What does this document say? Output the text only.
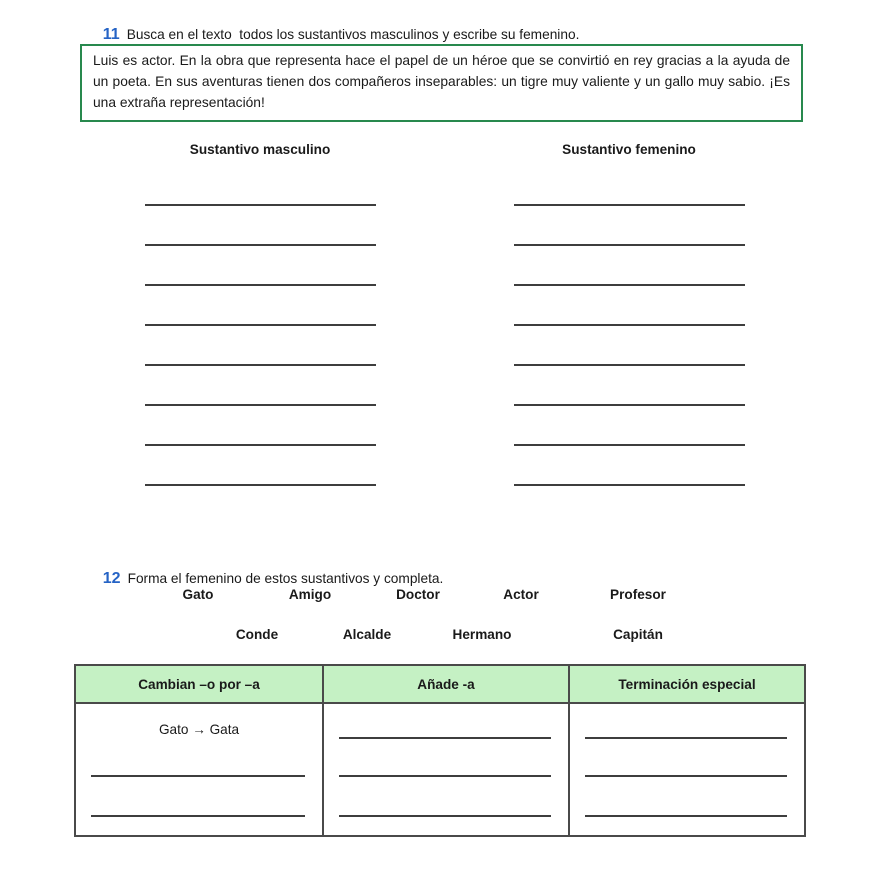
11 Busca en el texto  todos los sustantivos masculinos y escribe su femenino.

Luis es actor. En la obra que representa hace el papel de un héroe que se convirtió en rey gracias a la ayuda de un poeta. En sus aventuras tienen dos compañeros inseparables: un tigre muy valiente y un gallo muy sabio. ¡Es una extraña representación!

Sustantivo masculino	Sustantivo femenino

12 Forma el femenino de estos sustantivos y completa.

Gato	Amigo	Doctor	Actor	Profesor
Conde	Alcalde	Hermano	Capitán
Cambian –o por –a	Añade -a	Terminación especial

Gato → Gata		
